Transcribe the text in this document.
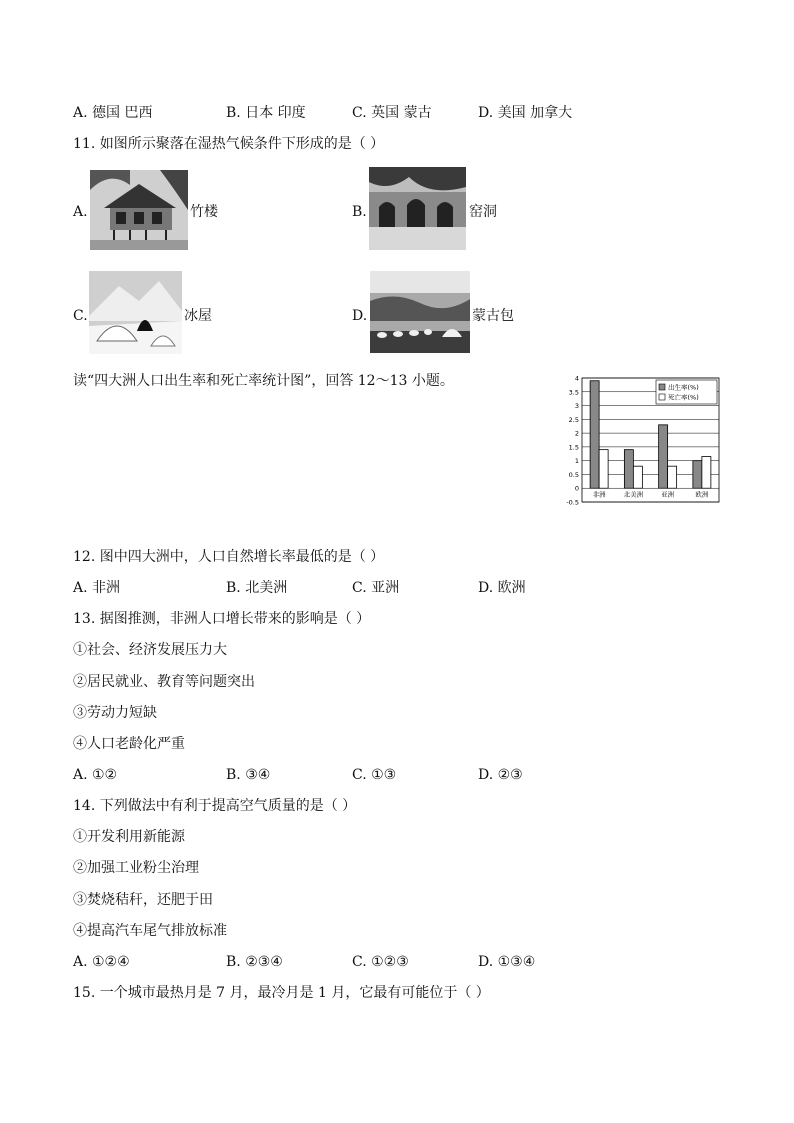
A. 德国 巴西	B. 日本 印度	C. 英国 蒙古	D. 美国 加拿大
11. 如图所示聚落在湿热气候条件下形成的是（ ）
A.	竹楼	B.	窑洞
C.	冰屋	D.	蒙古包
读“四大洲人口出生率和死亡率统计图”，回答 12～13 小题。	4
3.5
3
2.5
2
1.5
1
0.5
0
-0.5
非洲	北美洲	亚洲	欧洲
出生率(%)
死亡率(%)
12. 图中四大洲中，人口自然增长率最低的是（ ）
A. 非洲	B. 北美洲	C. 亚洲	D. 欧洲
13. 据图推测，非洲人口增长带来的影响是（ ）
①社会、经济发展压力大
②居民就业、教育等问题突出
③劳动力短缺
④人口老龄化严重
A. ①②	B. ③④	C. ①③	D. ②③
14. 下列做法中有利于提高空气质量的是（ ）
①开发利用新能源
②加强工业粉尘治理
③焚烧秸秆，还肥于田
④提高汽车尾气排放标准
A. ①②④	B. ②③④	C. ①②③	D. ①③④
15. 一个城市最热月是 7 月，最冷月是 1 月，它最有可能位于（ ）
